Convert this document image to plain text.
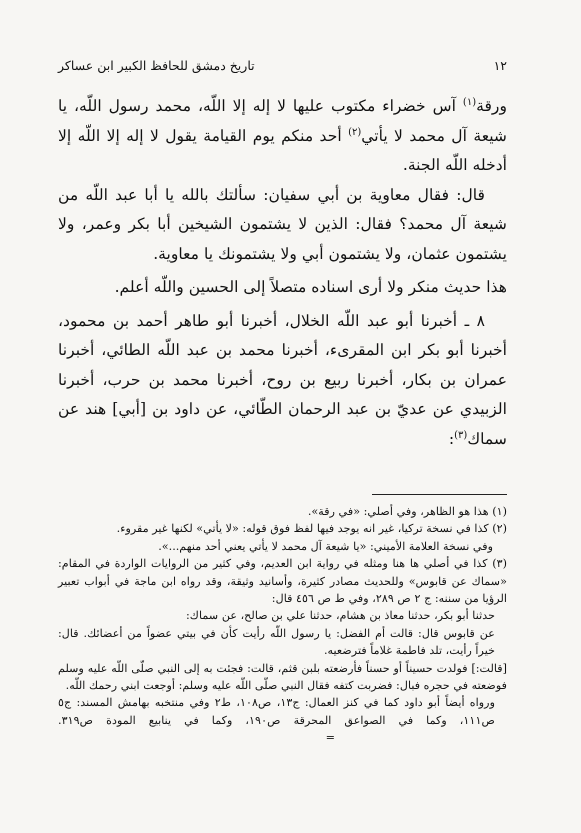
١٢
تاريخ دمشق للحافظ الكبير ابن عساكر

ورقة$^{(١)}$ آس خضراء مكتوب عليها لا إله إلا اللّه، محمد رسول اللّه، يا شيعة آل محمد لا يأتي$^{(٢)}$ أحد منكم يوم القيامة يقول لا إله إلا اللّه إلا أدخله اللّه الجنة.

قال: فقال معاوية بن أبي سفيان: سألتك بالله يا أبا عبد اللّه من شيعة آل محمد؟ فقال: الذين لا يشتمون الشيخين أبا بكر وعمر، ولا يشتمون عثمان، ولا يشتمون أبي ولا يشتمونك يا معاوية.

هذا حديث منكر ولا أرى اسناده متصلاً إلى الحسين واللّه أعلم.

٨ ـ أخبرنا أبو عبد اللّه الخلال، أخبرنا أبو طاهر أحمد بن محمود، أخبرنا أبو بكر ابن المقرىء، أخبرنا محمد بن عبد اللّه الطائي، أخبرنا عمران بن بكار، أخبرنا ربيع بن روح، أخبرنا محمد بن حرب، أخبرنا الزبيدي عن عديّ بن عبد الرحمان الطّائي، عن داود بن [أبي] هند عن سماك$^{(٣)}$:

(١) هذا هو الظاهر، وفي أصلي: «في رقة».

(٢) كذا في نسخة تركيا، غير انه يوجد فيها لفظ فوق قوله: «لا يأتي» لكنها غير مقروء.

وفي نسخة العلامة الأميني: «يا شيعة آل محمد لا يأتي يعني أحد منهم...».

(٣) كذا في أصلي ها هنا ومثله في رواية ابن العديم، وفي كثير من الروايات الواردة في المقام: «سماك عن قابوس» وللحديث مصادر كثيرة، وأسانيد وثيقة، وقد رواه ابن ماجة في أبواب تعبير الرؤيا من سننه: ج ٢ ص ٢٨٩، وفي ط ص ٤٥٦ قال:

حدثنا أبو بكر، حدثنا معاذ بن هشام، حدثنا علي بن صالح، عن سماك:

عن قابوس قال: قالت أم الفضل: يا رسول اللّه رأيت كأن في بيتي عضواً من أعضائك. قال: خيراً رأيت، تلد فاطمة غلاماً فترضعيه.

[قالت:] فولدت حسيناً أو حسناً فأرضعته بلبن قثم، قالت: فجئت به إلى النبي صلّى اللّه عليه وسلم فوضعته في حجره فبال: فضربت كتفه فقال النبي صلّى اللّه عليه وسلم: أوجعت ابني رحمك اللّه.

ورواه أيضاً أبو داود كما في كنز العمال: ج١٣، ص١٠٨، ط٢ وفي منتخبه بهامش المسند: ج٥ ص١١١، وكما في الصواعق المحرقة ص١٩٠، وكما في ينابيع المودة ص٣١٩. =
